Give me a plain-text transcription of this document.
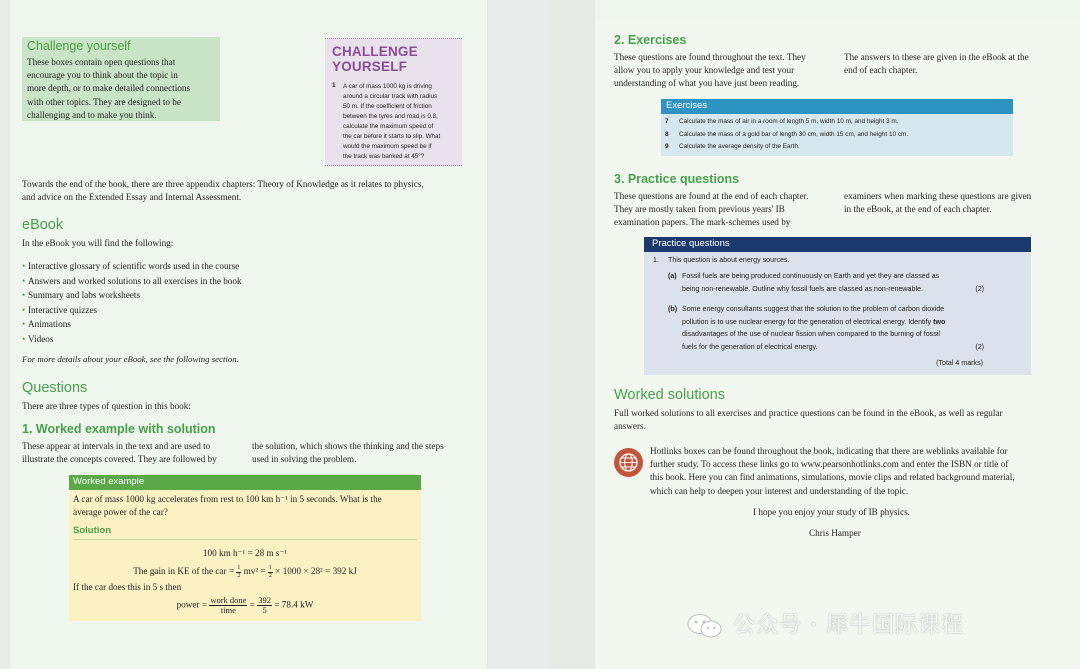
Challenge yourself
These boxes contain open questions that
encourage you to think about the topic in
more depth, or to make detailed connections
with other topics. They are designed to be
challenging and to make you think.
CHALLENGE
YOURSELF
1	A car of mass 1000 kg is driving
around a circular track with radius
50 m. If the coefficient of friction
between the tyres and road is 0.8,
calculate the maximum speed of
the car before it starts to slip. What
would the maximum speed be if
the track was banked at 45°?
Towards the end of the book, there are three appendix chapters: Theory of Knowledge as it relates to physics,
and advice on the Extended Essay and Internal Assessment.
eBook
In the eBook you will find the following:
• Interactive glossary of scientific words used in the course
• Answers and worked solutions to all exercises in the book
• Summary and labs worksheets
• Interactive quizzes
• Animations
• Videos
For more details about your eBook, see the following section.
Questions
There are three types of question in this book:
1. Worked example with solution
These appear at intervals in the text and are used to
illustrate the concepts covered. They are followed by
the solution, which shows the thinking and the steps
used in solving the problem.
Worked example
A car of mass 1000 kg accelerates from rest to 100 km h⁻¹ in 5 seconds. What is the
average power of the car?
Solution
100 km h⁻¹ = 28 m s⁻¹
The gain in KE of the car = $\frac{1}{2} mv^2 = \frac{1}{2} \times 1000 \times 28^2 = 392$ kJ
If the car does this in 5 s then
power = $\frac{\text{work done}}{\text{time}} = \frac{392}{5} = 78.4$ kW
2. Exercises
These questions are found throughout the text. They
allow you to apply your knowledge and test your
understanding of what you have just been reading.
The answers to these are given in the eBook at the
end of each chapter.
Exercises
7	Calculate the mass of air in a room of length 5 m, width 10 m, and height 3 m.
8	Calculate the mass of a gold bar of length 30 cm, width 15 cm, and height 10 cm.
9	Calculate the average density of the Earth.
3. Practice questions
These questions are found at the end of each chapter.
They are mostly taken from previous years' IB
examination papers. The mark-schemes used by
examiners when marking these questions are given
in the eBook, at the end of each chapter.
Practice questions
1. This question is about energy sources.
(a) Fossil fuels are being produced continuously on Earth and yet they are classed as
being non-renewable. Outline why fossil fuels are classed as non-renewable.	(2)
(b) Some energy consultants suggest that the solution to the problem of carbon dioxide
pollution is to use nuclear energy for the generation of electrical energy. Identify two
disadvantages of the use of nuclear fission when compared to the burning of fossil
fuels for the generation of electrical energy.	(2)
(Total 4 marks)
Worked solutions
Full worked solutions to all exercises and practice questions can be found in the eBook, as well as regular
answers.
Hotlinks boxes can be found throughout the book, indicating that there are weblinks available for
further study. To access these links go to www.pearsonhotlinks.com and enter the ISBN or title of
this book. Here you can find animations, simulations, movie clips and related background material,
which can help to deepen your interest and understanding of the topic.
I hope you enjoy your study of IB physics.
Chris Hamper
公众号 · 犀牛国际课程
